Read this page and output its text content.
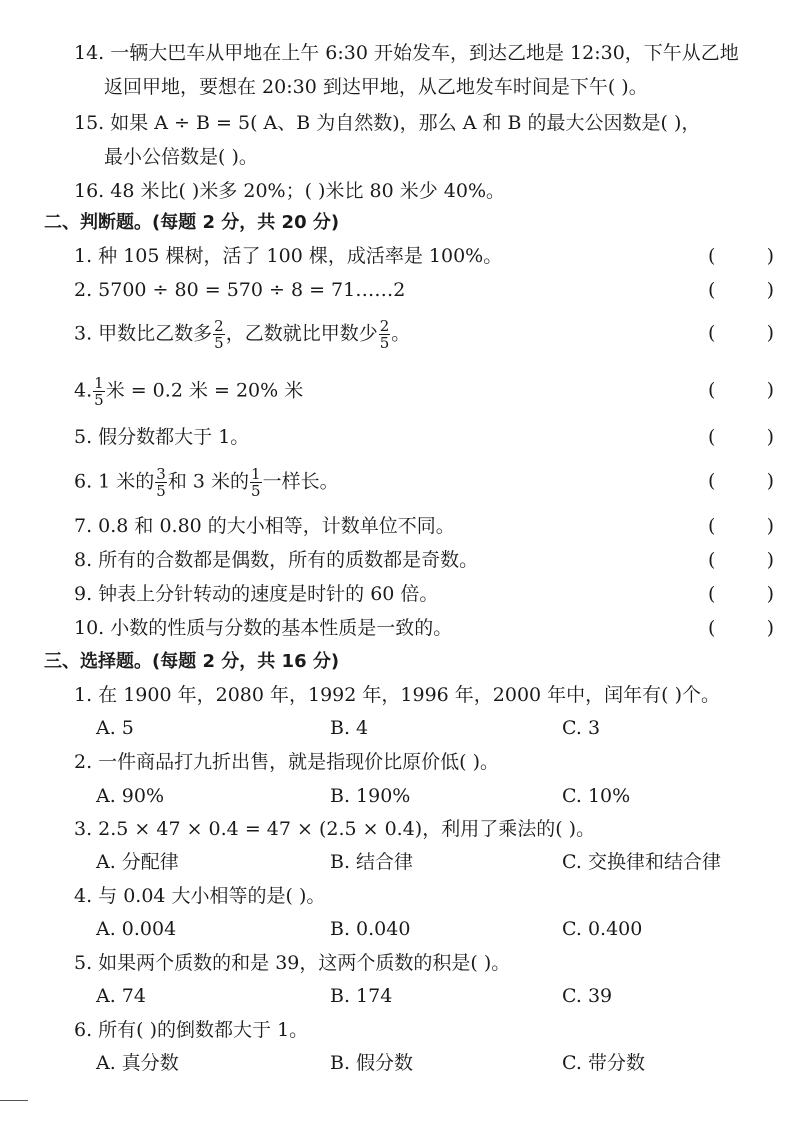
14. 一辆大巴车从甲地在上午 6:30 开始发车，到达乙地是 12:30，下午从乙地
返回甲地，要想在 20:30 到达甲地，从乙地发车时间是下午( )。
15. 如果 A ÷ B = 5( A、B 为自然数)，那么 A 和 B 的最大公因数是( )，
最小公倍数是( )。
16. 48 米比( )米多 20%；( )米比 80 米少 40%。
二、判断题。(每题 2 分，共 20 分)
1. 种 105 棵树，活了 100 棵，成活率是 100%。	(	)
2. 5700 ÷ 80 = 570 ÷ 8 = 71……2	(	)
3. 甲数比乙数多 $\frac{2}{5}$ ，乙数就比甲数少 $\frac{2}{5}$ 。	(	)
4. $\frac{1}{5}$ 米 = 0.2 米 = 20% 米	(	)
5. 假分数都大于 1。	(	)
6. 1 米的 $\frac{3}{5}$ 和 3 米的 $\frac{1}{5}$ 一样长。	(	)
7. 0.8 和 0.80 的大小相等，计数单位不同。	(	)
8. 所有的合数都是偶数，所有的质数都是奇数。	(	)
9. 钟表上分针转动的速度是时针的 60 倍。	(	)
10. 小数的性质与分数的基本性质是一致的。	(	)
三、选择题。(每题 2 分，共 16 分)
1. 在 1900 年，2080 年，1992 年，1996 年，2000 年中，闰年有( )个。
A. 5	B. 4	C. 3
2. 一件商品打九折出售，就是指现价比原价低( )。
A. 90%	B. 190%	C. 10%
3. 2.5 × 47 × 0.4 = 47 × (2.5 × 0.4)，利用了乘法的( )。
A. 分配律	B. 结合律	C. 交换律和结合律
4. 与 0.04 大小相等的是( )。
A. 0.004	B. 0.040	C. 0.400
5. 如果两个质数的和是 39，这两个质数的积是( )。
A. 74	B. 174	C. 39
6. 所有( )的倒数都大于 1。
A. 真分数	B. 假分数	C. 带分数
